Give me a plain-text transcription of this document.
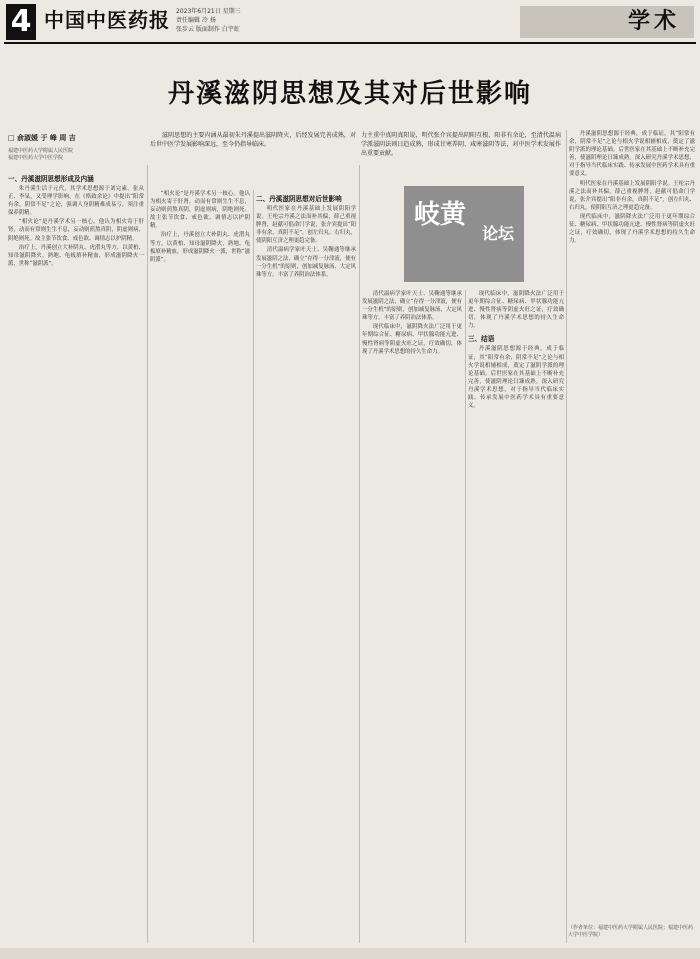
4 中国中医药报 2023年6月21日 星期三
责任编辑 冷 扬
张步云 版面制作 白宇虹	学术
丹溪滋阴思想及其对后世影响
□ 俞淑媛 于 峰 周 吉
福建中医药大学附属人民医院
福建中医药大学中医学院

滋阴思想的主要内涵从最初朱丹溪提出滋阴降火，后经发展完善成熟，对后世中医学发展影响深远，至今仍指导临床。

力主重中真阴真阳说，明代张介宾提出阴阳互根、阳非有余论，至清代温病学派滋阴法则日趋成熟，形成甘寒养阴、咸寒滋阴等法，对中医学术发展作出重要贡献。

岐黄
论坛

一、丹溪滋阴思想形成及内涵

朱丹溪生活于元代，其学术思想源于刘完素、张从正、李杲，又受理学影响，在《格致余论》中提出“阳常有余，阴常不足”之论，强调人身阴精难成易亏，须注重保养阴精。

“相火论”是丹溪学术另一核心。他认为相火寄于肝肾，动而有常则生生不息，妄动则煎熬真阴，阴虚则病，阴绝则死。故主张节饮食、戒色欲、调情志以护阴精。

治疗上，丹溪创立大补阴丸、虎潜丸等方，以黄柏、知母滋阴降火，熟地、龟板填补精血，形成滋阴降火一派，世称“滋阴派”。

“相火论”是丹溪学术另一核心。他认为相火寄于肝肾，动而有常则生生不息，妄动则煎熬真阴，阴虚则病，阴绝则死。故主张节饮食、戒色欲、调情志以护阴精。

治疗上，丹溪创立大补阴丸、虎潜丸等方，以黄柏、知母滋阴降火，熟地、龟板填补精血，形成滋阴降火一派，世称“滋阴派”。

二、丹溪滋阴思想对后世影响

明代医家在丹溪基础上发展阴阳学说。王纶宗丹溪之法而补其偏，薛己重视脾肾，赵献可倡命门学说，张介宾提出“阳非有余，真阴不足”，创左归丸、右归丸，使阴阳互济之理更趋完备。

清代温病学家叶天士、吴鞠通等继承发展滋阴之法，确立“存得一分津液，便有一分生机”的原则，创加减复脉汤、大定风珠等方，丰富了养阴治法体系。

清代温病学家叶天士、吴鞠通等继承发展滋阴之法，确立“存得一分津液，便有一分生机”的原则，创加减复脉汤、大定风珠等方，丰富了养阴治法体系。

现代临床中，滋阴降火法广泛用于更年期综合征、糖尿病、甲状腺功能亢进、慢性肾病等阴虚火旺之证，疗效确切，体现了丹溪学术思想的持久生命力。

现代临床中，滋阴降火法广泛用于更年期综合征、糖尿病、甲状腺功能亢进、慢性肾病等阴虚火旺之证，疗效确切，体现了丹溪学术思想的持久生命力。

三、结语

丹溪滋阴思想源于经典，成于临证，其“阳常有余，阴常不足”之论与相火学说相辅相成，奠定了滋阴学派的理论基础。后世医家在其基础上不断补充完善，使滋阴理论日臻成熟。深入研究丹溪学术思想，对于指导当代临床实践、传承发展中医药学术具有重要意义。

丹溪滋阴思想源于经典，成于临证，其“阳常有余，阴常不足”之论与相火学说相辅相成，奠定了滋阴学派的理论基础。后世医家在其基础上不断补充完善，使滋阴理论日臻成熟。深入研究丹溪学术思想，对于指导当代临床实践、传承发展中医药学术具有重要意义。

明代医家在丹溪基础上发展阴阳学说。王纶宗丹溪之法而补其偏，薛己重视脾肾，赵献可倡命门学说，张介宾提出“阳非有余，真阴不足”，创左归丸、右归丸，使阴阳互济之理更趋完备。

现代临床中，滋阴降火法广泛用于更年期综合征、糖尿病、甲状腺功能亢进、慢性肾病等阴虚火旺之证，疗效确切，体现了丹溪学术思想的持久生命力。

（作者单位：福建中医药大学附属人民医院；福建中医药大学中医学院）
